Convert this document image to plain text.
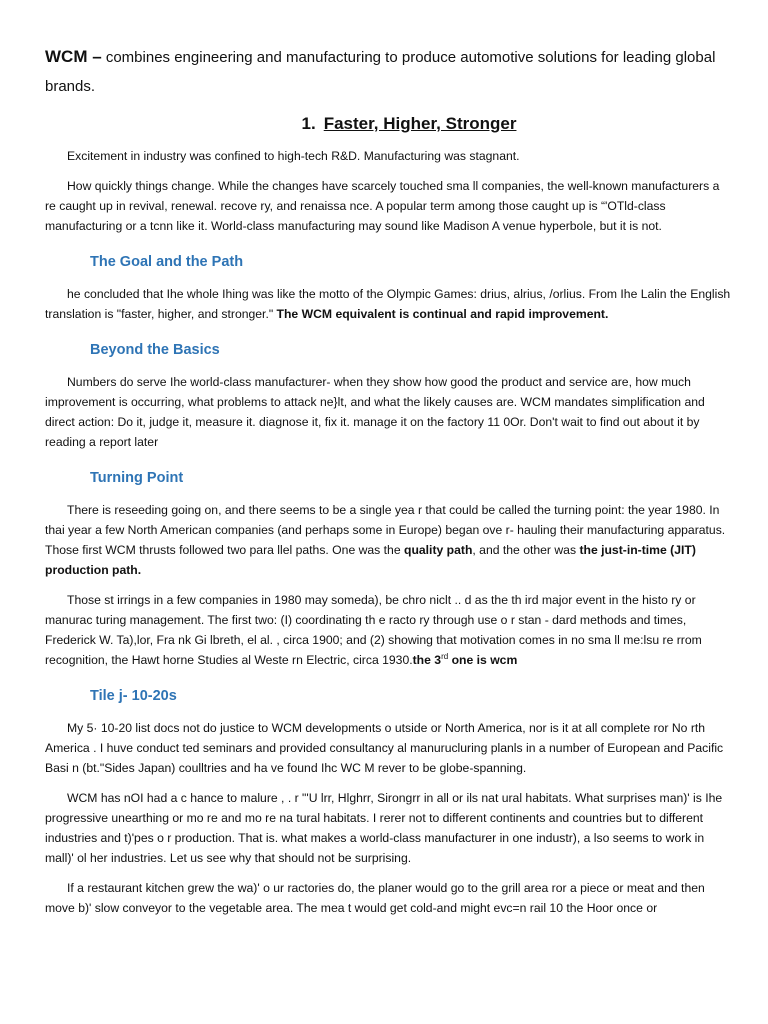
WCM – combines engineering and manufacturing to produce automotive solutions for leading global brands.
1. Faster, Higher, Stronger

Excitement in industry was confined to high-tech R&D. Manufacturing was stagnant.

How quickly things change. While the changes have scarcely touched sma ll companies, the well-known manufacturers a re caught up in revival, renewal. recove ry, and renaissa nce. A popular term among those caught up is “'OTld-class manufacturing or a tcnn like it. World-class manufacturing may sound like Madison A venue hyperbole, but it is not.

The Goal and the Path

he concluded that Ihe whole Ihing was like the motto of the Olympic Games: drius, alrius, /orlius. From Ihe Lalin the English translation is "faster, higher, and stronger." The WCM equivalent is continual and rapid improvement.

Beyond the Basics

Numbers do serve Ihe world-class manufacturer- when they show how good the product and service are, how much improvement is occurring, what problems to attack ne}lt, and what the likely causes are. WCM mandates simplification and direct action: Do it, judge it, measure it. diagnose it, fix it. manage it on the factory 11 0Or. Don't wait to find out about it by reading a report later

Turning Point

There is reseeding going on, and there seems to be a single yea r that could be called the turning point: the year 1980. In thai year a few North American companies (and perhaps some in Europe) began ove r- hauling their manufacturing apparatus. Those first WCM thrusts followed two para llel paths. One was the quality path, and the other was the just-in-time (JIT) production path.

Those st irrings in a few companies in 1980 may someda), be chro niclt .. d as the th ird major event in the histo ry or manurac turing management. The first two: (I) coordinating th e racto ry through use o r stan - dard methods and times, Frederick W. Ta),lor, Fra nk Gi lbreth, el al. , circa 1900; and (2) showing that motivation comes in no sma ll me:lsu re rrom recognition, the Hawt horne Studies al Weste rn Electric, circa 1930.the 3rd one is wcm

Tile j- 10-20s

My 5· 10-20 list docs not do justice to WCM developments o utside or North America, nor is it at all complete ror No rth America . I huve conduct ted seminars and provided consultancy al manurucluring planls in a number of European and Pacific Basi n (bt."Sides Japan) coulltries and ha ve found Ihc WC M rever to be globe-spanning.

WCM has nOI had a c hance to malure , . r "'U lrr, Hlghrr, Sirongrr in all or ils nat ural habitats. What surprises man)' is Ihe progressive unearthing or mo re and mo re na tural habitats. I rerer not to different continents and countries but to different industries and t)'pes o r production. That is. what makes a world-class manufacturer in one industr), a lso seems to work in mall)' ol her industries. Let us see why that should not be surprising.

If a restaurant kitchen grew the wa)' o ur ractories do, the planer would go to the grill area ror a piece or meat and then move b)' slow conveyor to the vegetable area. The mea t would get cold-and might evc=n rail 10 the Hoor once or
